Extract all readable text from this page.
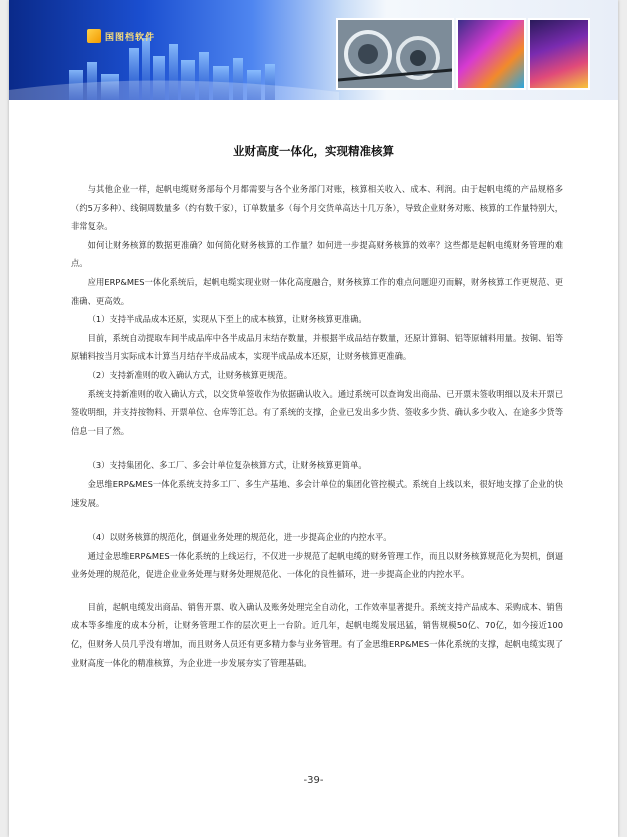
国图档软件
业财高度一体化，实现精准核算

与其他企业一样，起帆电缆财务部每个月都需要与各个业务部门对账，核算相关收入、成本、利润。由于起帆电缆的产品规格多（约5万多种）、线铜周数量多（约有数千家），订单数量多（每个月交货单高达十几万条），导致企业财务对账、核算的工作量特别大，非常复杂。

如何让财务核算的数据更准确？如何简化财务核算的工作量？如何进一步提高财务核算的效率？这些都是起帆电缆财务管理的难点。

应用ERP&MES一体化系统后，起帆电缆实现业财一体化高度融合，财务核算工作的难点问题迎刃而解，财务核算工作更规范、更准确、更高效。

（1）支持半成品成本还原，实现从下至上的成本核算，让财务核算更准确。

目前，系统自动提取车间半成品库中各半成品月末结存数量，并根据半成品结存数量，还原计算铜、铝等原辅料用量。按铜、铝等原辅料按当月实际成本计算当月结存半成品成本，实现半成品成本还原，让财务核算更准确。

（2）支持新准则的收入确认方式，让财务核算更规范。

系统支持新准则的收入确认方式，以交货单签收作为依据确认收入。通过系统可以查询发出商品、已开票未签收明细以及未开票已签收明细，并支持按物料、开票单位、仓库等汇总。有了系统的支撑，企业已发出多少货、签收多少货、确认多少收入、在途多少货等信息一目了然。

（3）支持集团化、多工厂、多会计单位复杂核算方式，让财务核算更简单。

金思维ERP&MES一体化系统支持多工厂、多生产基地、多会计单位的集团化管控模式。系统自上线以来，很好地支撑了企业的快速发展。

（4）以财务核算的规范化，倒逼业务处理的规范化，进一步提高企业的内控水平。

通过金思维ERP&MES一体化系统的上线运行，不仅进一步规范了起帆电缆的财务管理工作，而且以财务核算规范化为契机，倒逼业务处理的规范化，促进企业业务处理与财务处理规范化、一体化的良性循环，进一步提高企业的内控水平。

目前，起帆电缆发出商品、销售开票、收入确认及账务处理完全自动化，工作效率显著提升。系统支持产品成本、采购成本、销售成本等多维度的成本分析，让财务管理工作的层次更上一台阶。近几年，起帆电缆发展迅猛，销售规模50亿、70亿，如今接近100亿，但财务人员几乎没有增加，而且财务人员还有更多精力参与业务管理。有了金思维ERP&MES一体化系统的支撑，起帆电缆实现了业财高度一体化的精准核算，为企业进一步发展夯实了管理基础。

-39-
